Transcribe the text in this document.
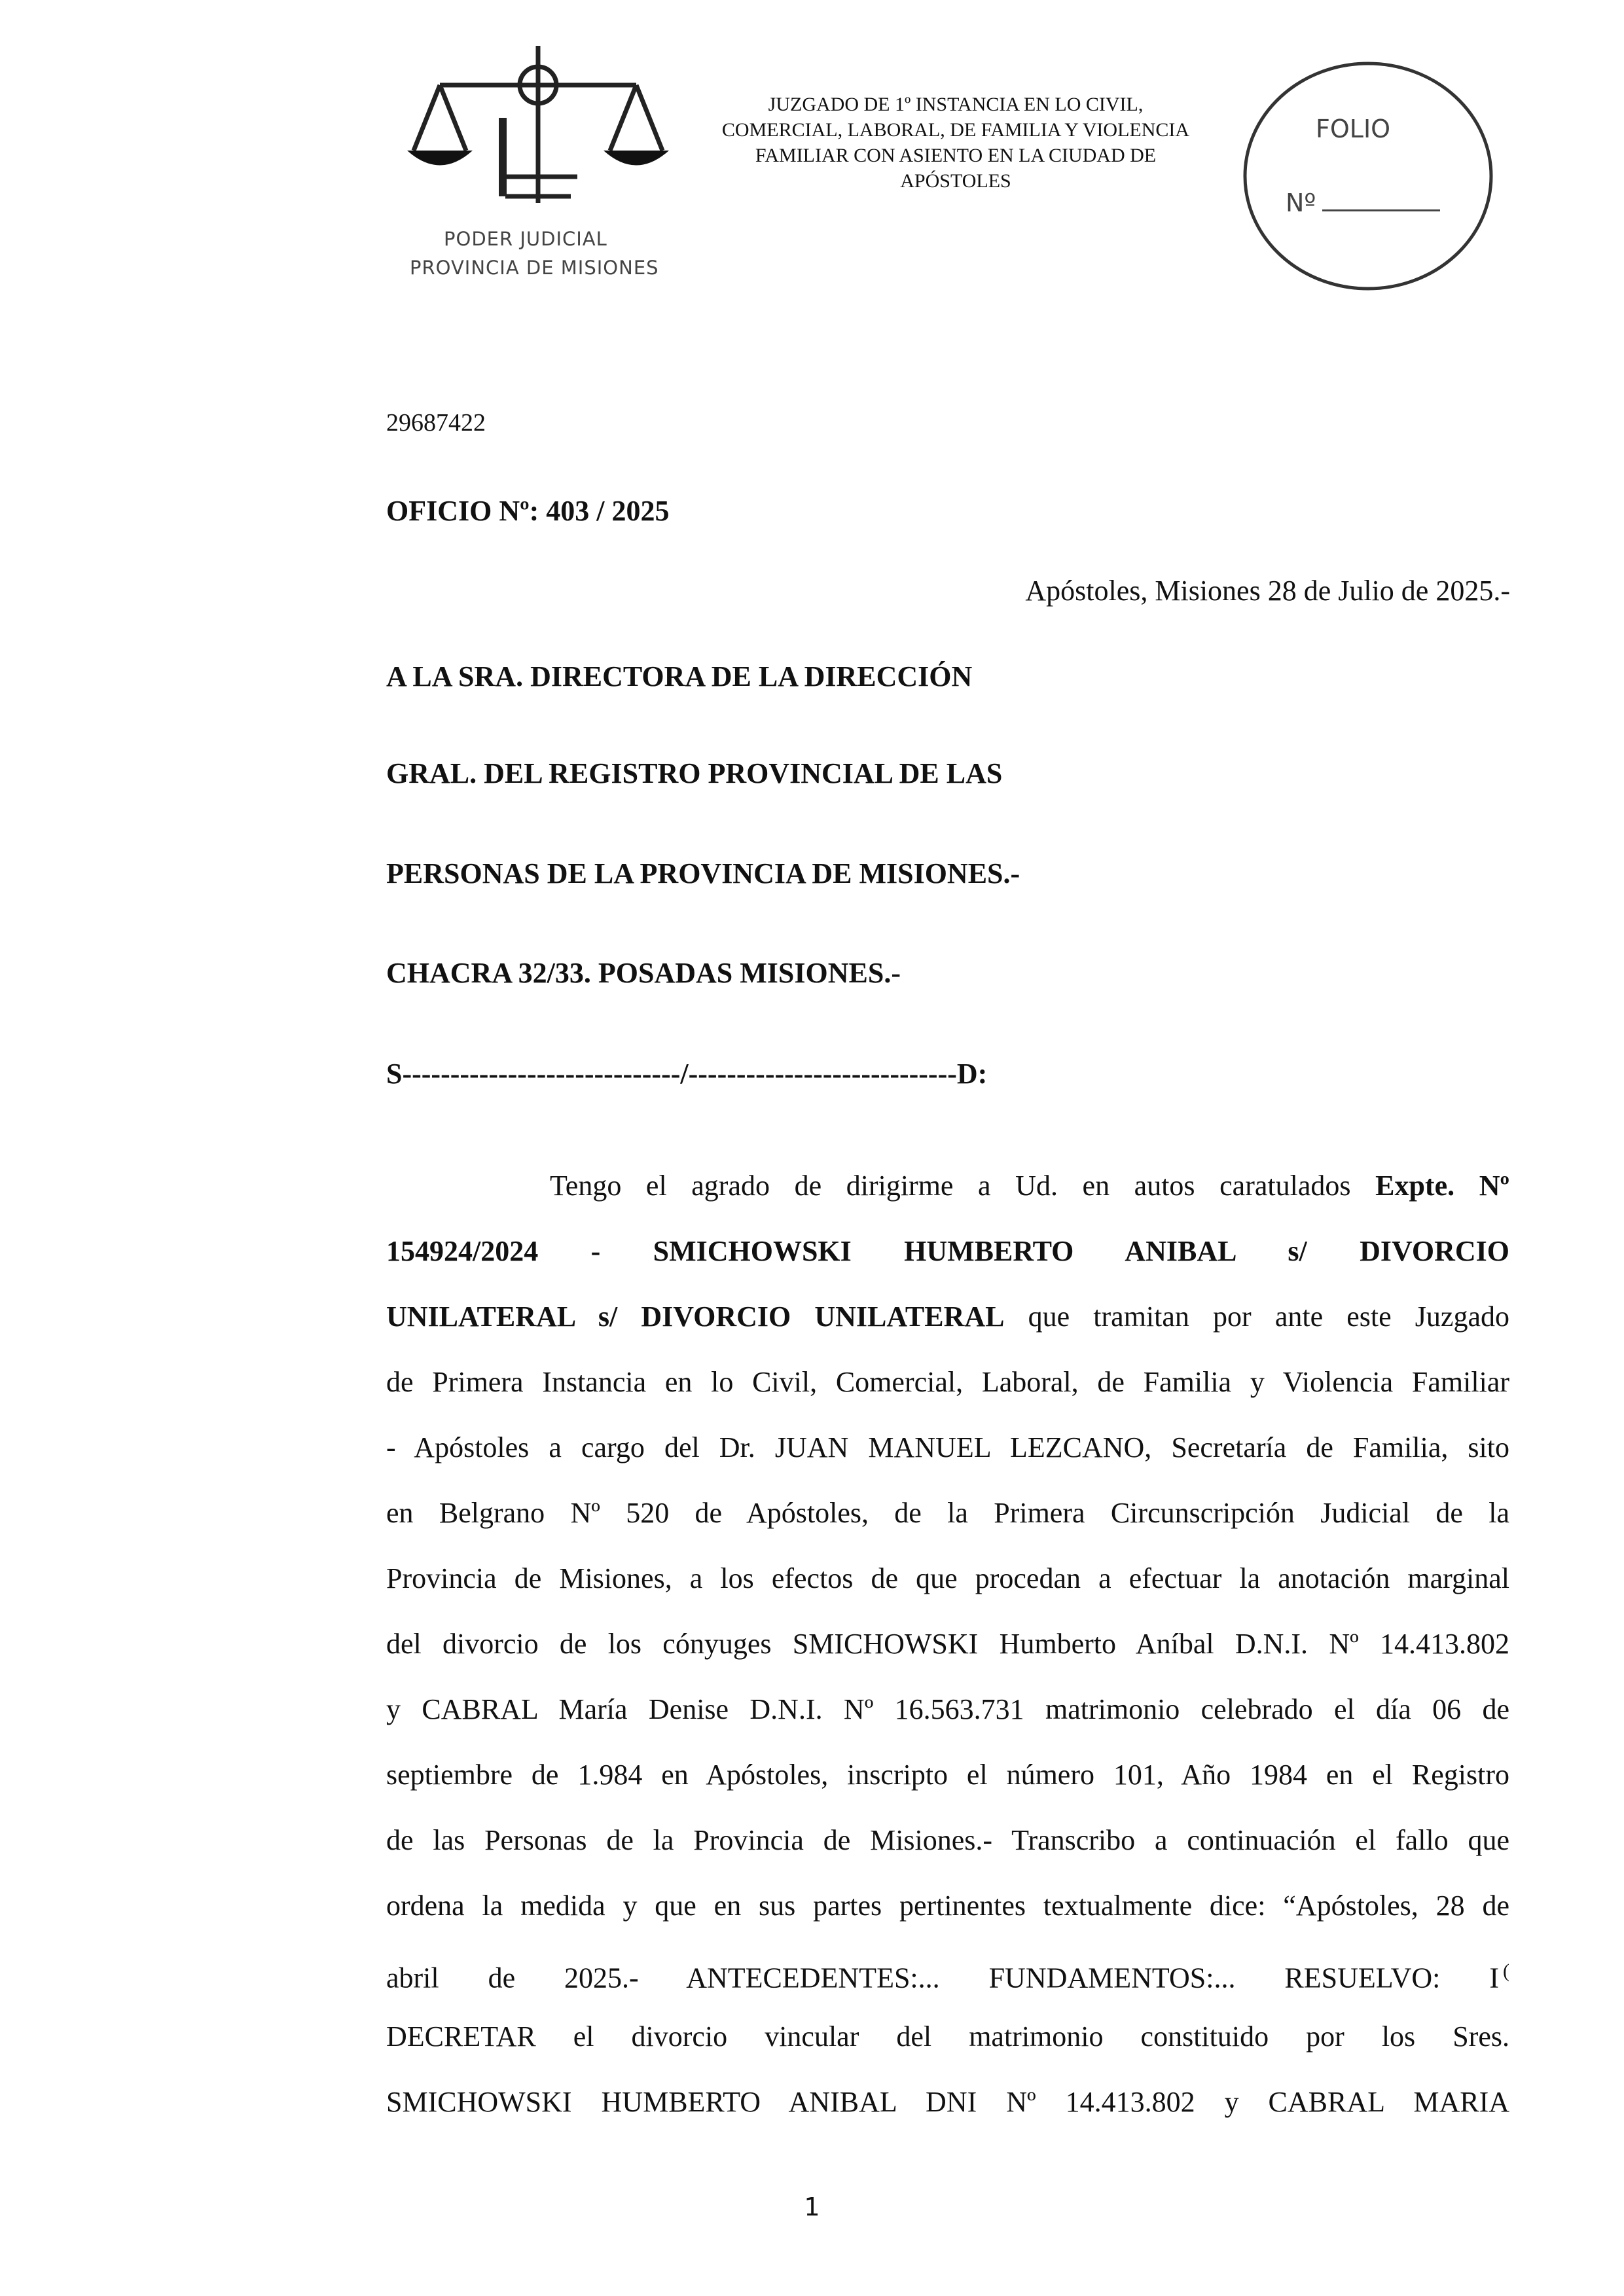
PODER JUDICIAL
PROVINCIA DE MISIONES
JUZGADO DE 1º INSTANCIA EN LO CIVIL,
COMERCIAL, LABORAL, DE FAMILIA Y VIOLENCIA
FAMILIAR CON ASIENTO EN LA CIUDAD DE
APÓSTOLES
FOLIO
Nº
29687422
OFICIO Nº: 403 / 2025
Apóstoles, Misiones 28 de Julio de 2025.-
A LA SRA. DIRECTORA DE LA DIRECCIÓN
GRAL. DEL REGISTRO PROVINCIAL DE LAS
PERSONAS DE LA PROVINCIA DE MISIONES.-
CHACRA 32/33. POSADAS MISIONES.-
S-----------------------------/----------------------------D:
Tengo el agrado de dirigirme a Ud. en autos caratulados Expte. Nº
154924/2024 - SMICHOWSKI HUMBERTO ANIBAL s/ DIVORCIO
UNILATERAL s/ DIVORCIO UNILATERAL que tramitan por ante este Juzgado
de Primera Instancia en lo Civil, Comercial, Laboral, de Familia y Violencia Familiar
- Apóstoles a cargo del Dr. JUAN MANUEL LEZCANO, Secretaría de Familia, sito
en Belgrano Nº 520 de Apóstoles, de la Primera Circunscripción Judicial de la
Provincia de Misiones, a los efectos de que procedan a efectuar la anotación marginal
del divorcio de los cónyuges SMICHOWSKI Humberto Aníbal D.N.I. Nº 14.413.802
y CABRAL María Denise D.N.I. Nº 16.563.731 matrimonio celebrado el día 06 de
septiembre de 1.984 en Apóstoles, inscripto el número 101, Año 1984 en el Registro
de las Personas de la Provincia de Misiones.- Transcribo a continuación el fallo que
ordena la medida y que en sus partes pertinentes textualmente dice: “Apóstoles, 28 de
abril de 2025.- ANTECEDENTES:... FUNDAMENTOS:... RESUELVO: I (
DECRETAR el divorcio vincular del matrimonio constituido por los Sres.
SMICHOWSKI HUMBERTO ANIBAL DNI Nº 14.413.802 y CABRAL MARIA
1
